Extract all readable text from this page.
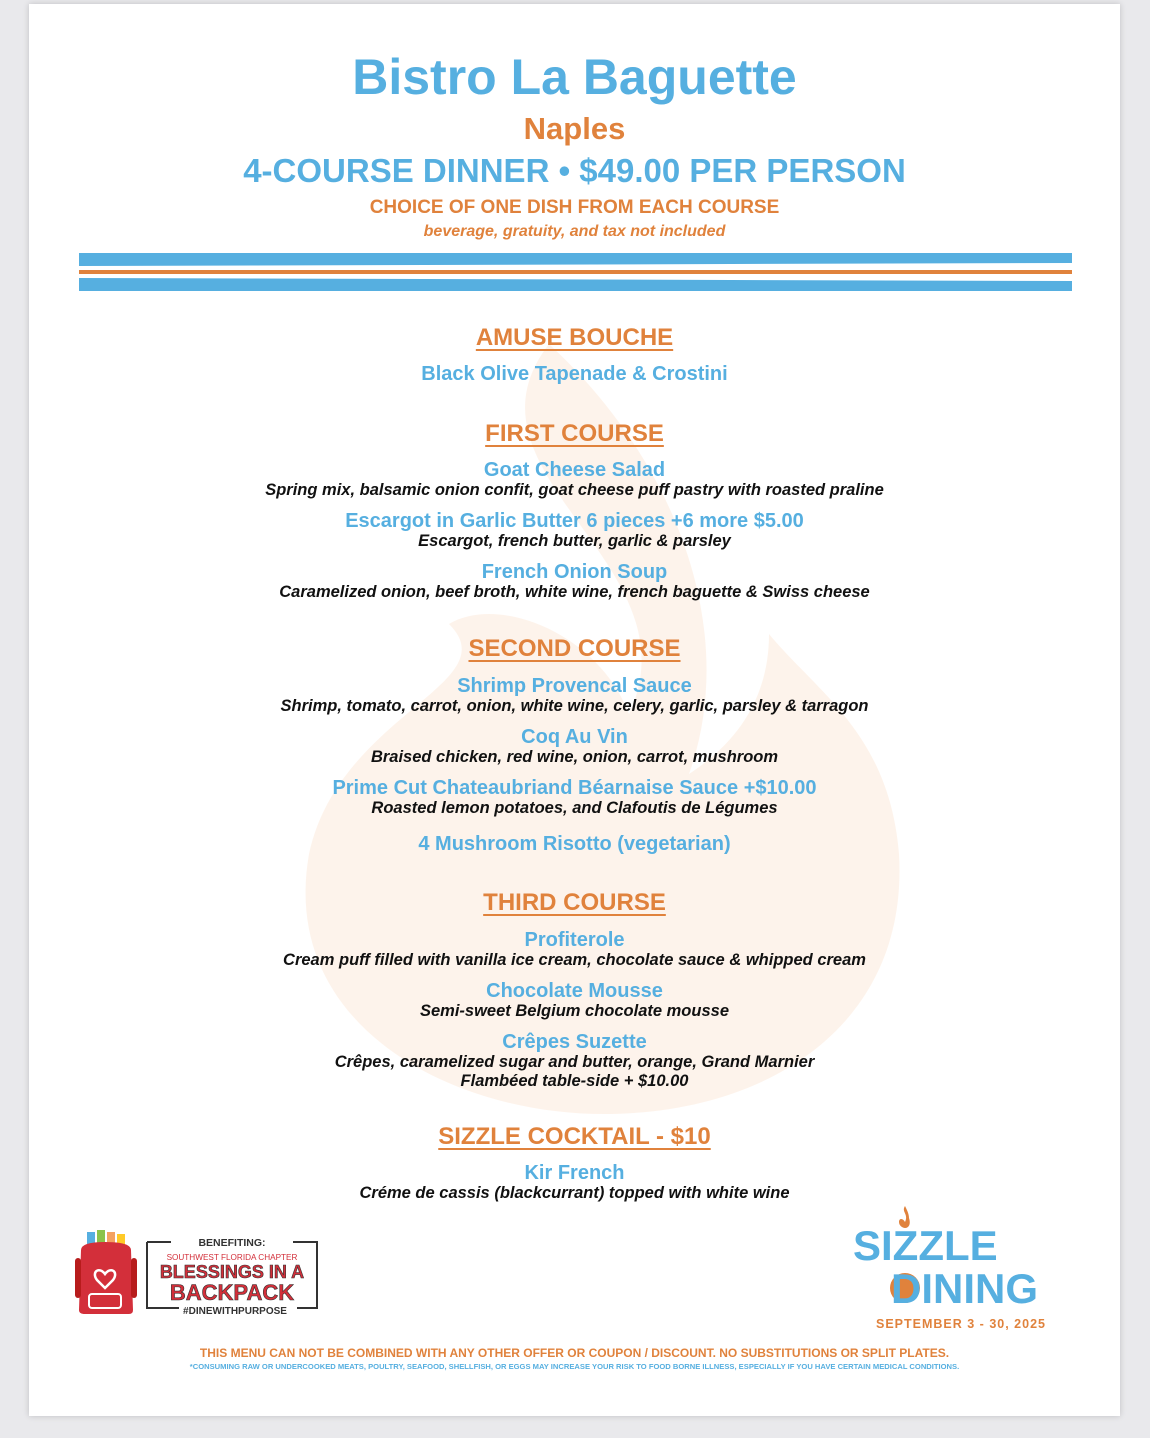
Bistro La Baguette
Naples
4-COURSE DINNER • $49.00 PER PERSON
CHOICE OF ONE DISH FROM EACH COURSE
beverage, gratuity, and tax not included
AMUSE BOUCHE
Black Olive Tapenade & Crostini
FIRST COURSE
Goat Cheese Salad
Spring mix, balsamic onion confit, goat cheese puff pastry with roasted praline
Escargot in Garlic Butter 6 pieces +6 more $5.00
Escargot, french butter, garlic & parsley
French Onion Soup
Caramelized onion, beef broth, white wine, french baguette & Swiss cheese
SECOND COURSE
Shrimp Provencal Sauce
Shrimp, tomato, carrot, onion, white wine, celery, garlic, parsley & tarragon
Coq Au Vin
Braised chicken, red wine, onion, carrot, mushroom
Prime Cut Chateaubriand Béarnaise Sauce +$10.00
Roasted lemon potatoes, and Clafoutis de Légumes
4 Mushroom Risotto (vegetarian)
THIRD COURSE
Profiterole
Cream puff filled with vanilla ice cream, chocolate sauce & whipped cream
Chocolate Mousse
Semi-sweet Belgium chocolate mousse
Crêpes Suzette
Crêpes, caramelized sugar and butter, orange, Grand Marnier
Flambéed table-side + $10.00
SIZZLE COCKTAIL - $10
Kir French
Créme de cassis (blackcurrant) topped with white wine
BENEFITING:
SOUTHWEST FLORIDA CHAPTER
BLESSINGS IN A
BACKPACK
#DINEWITHPURPOSE
SIZZLE
DINING
SEPTEMBER 3 - 30, 2025
THIS MENU CAN NOT BE COMBINED WITH ANY OTHER OFFER OR COUPON / DISCOUNT. NO SUBSTITUTIONS OR SPLIT PLATES.
*CONSUMING RAW OR UNDERCOOKED MEATS, POULTRY, SEAFOOD, SHELLFISH, OR EGGS MAY INCREASE YOUR RISK TO FOOD BORNE ILLNESS, ESPECIALLY IF YOU HAVE CERTAIN MEDICAL CONDITIONS.
